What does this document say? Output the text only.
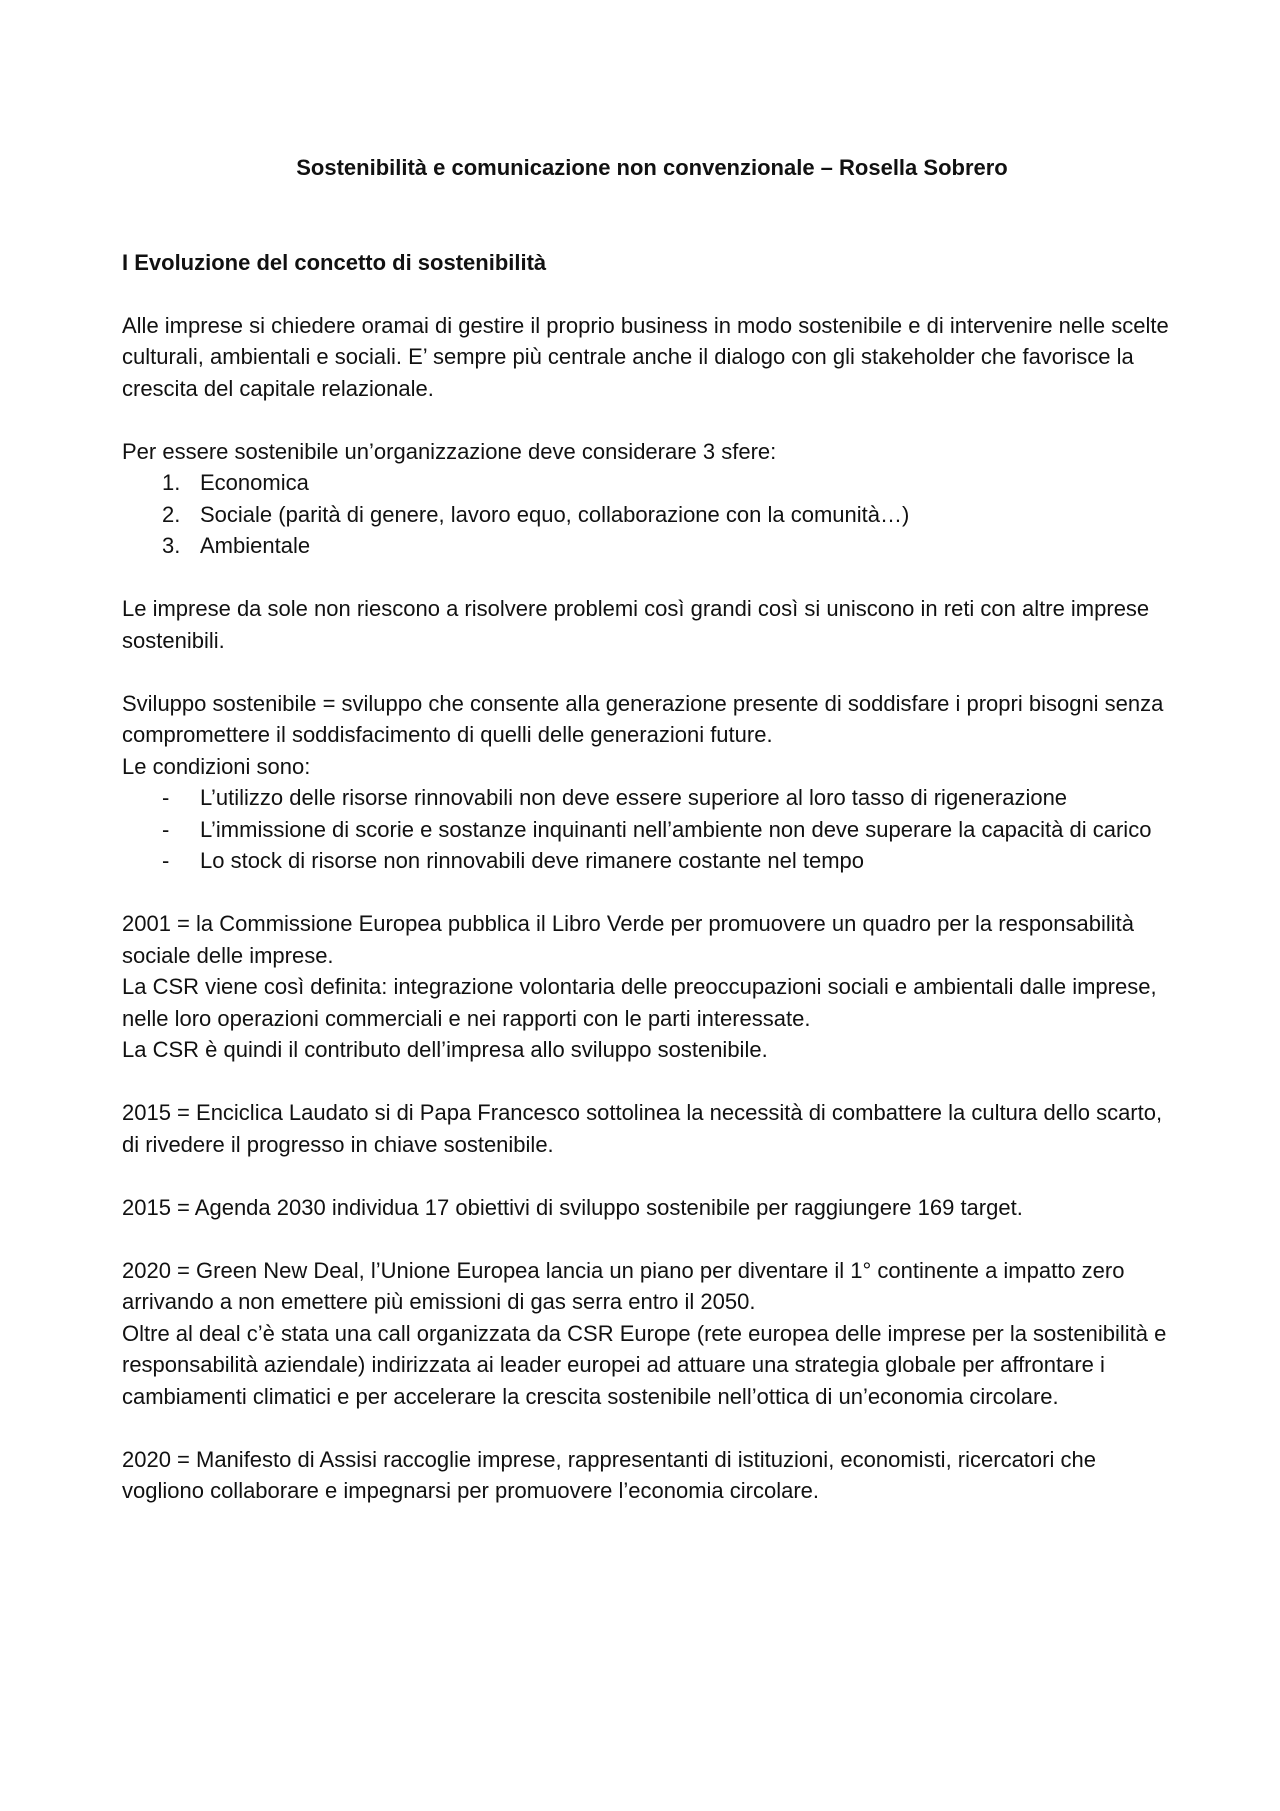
Sostenibilità e comunicazione non convenzionale – Rosella Sobrero
I Evoluzione del concetto di sostenibilità

Alle imprese si chiedere oramai di gestire il proprio business in modo sostenibile e di intervenire nelle scelte culturali, ambientali e sociali. E’ sempre più centrale anche il dialogo con gli stakeholder che favorisce la crescita del capitale relazionale.

Per essere sostenibile un’organizzazione deve considerare 3 sfere:

1. Economica
2. Sociale (parità di genere, lavoro equo, collaborazione con la comunità…)
3. Ambientale

Le imprese da sole non riescono a risolvere problemi così grandi così si uniscono in reti con altre imprese sostenibili.

Sviluppo sostenibile = sviluppo che consente alla generazione presente di soddisfare i propri bisogni senza compromettere il soddisfacimento di quelli delle generazioni future.

Le condizioni sono:

- L’utilizzo delle risorse rinnovabili non deve essere superiore al loro tasso di rigenerazione
- L’immissione di scorie e sostanze inquinanti nell’ambiente non deve superare la capacità di carico
- Lo stock di risorse non rinnovabili deve rimanere costante nel tempo

2001 = la Commissione Europea pubblica il Libro Verde per promuovere un quadro per la responsabilità sociale delle imprese.

La CSR viene così definita: integrazione volontaria delle preoccupazioni sociali e ambientali dalle imprese, nelle loro operazioni commerciali e nei rapporti con le parti interessate.

La CSR è quindi il contributo dell’impresa allo sviluppo sostenibile.

2015 = Enciclica Laudato si di Papa Francesco sottolinea la necessità di combattere la cultura dello scarto, di rivedere il progresso in chiave sostenibile.

2015 = Agenda 2030 individua 17 obiettivi di sviluppo sostenibile per raggiungere 169 target.

2020 = Green New Deal, l’Unione Europea lancia un piano per diventare il 1° continente a impatto zero arrivando a non emettere più emissioni di gas serra entro il 2050.

Oltre al deal c’è stata una call organizzata da CSR Europe (rete europea delle imprese per la sostenibilità e responsabilità aziendale) indirizzata ai leader europei ad attuare una strategia globale per affrontare i cambiamenti climatici e per accelerare la crescita sostenibile nell’ottica di un’economia circolare.

2020 = Manifesto di Assisi raccoglie imprese, rappresentanti di istituzioni, economisti, ricercatori che vogliono collaborare e impegnarsi per promuovere l’economia circolare.
